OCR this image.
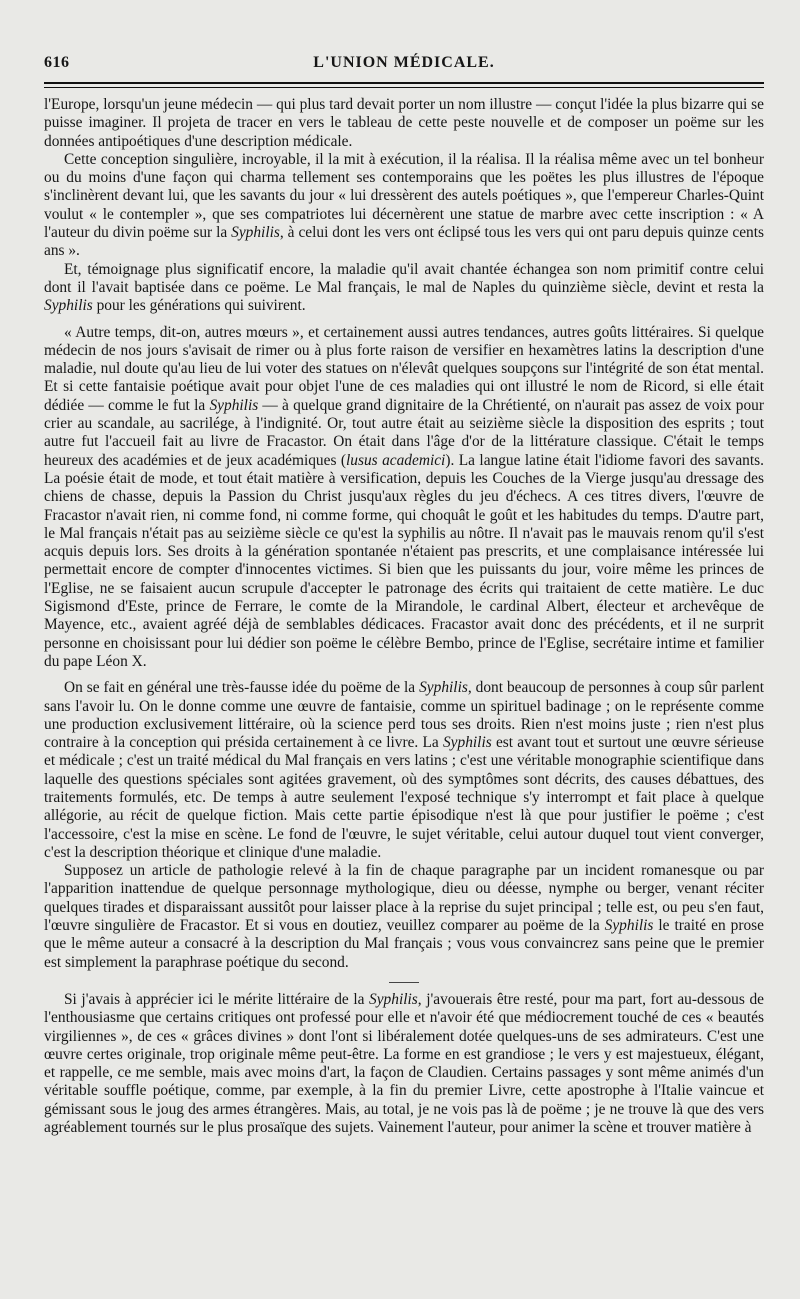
616	L'UNION MÉDICALE.

l'Europe, lorsqu'un jeune médecin — qui plus tard devait porter un nom illustre — conçut l'idée la plus bizarre qui se puisse imaginer. Il projeta de tracer en vers le tableau de cette peste nouvelle et de composer un poëme sur les données antipoétiques d'une description médicale.

Cette conception singulière, incroyable, il la mit à exécution, il la réalisa. Il la réalisa même avec un tel bonheur ou du moins d'une façon qui charma tellement ses contemporains que les poëtes les plus illustres de l'époque s'inclinèrent devant lui, que les savants du jour « lui dressèrent des autels poétiques », que l'empereur Charles-Quint voulut « le contempler », que ses compatriotes lui décernèrent une statue de marbre avec cette inscription : « A l'auteur du divin poëme sur la Syphilis, à celui dont les vers ont éclipsé tous les vers qui ont paru depuis quinze cents ans ».

Et, témoignage plus significatif encore, la maladie qu'il avait chantée échangea son nom primitif contre celui dont il l'avait baptisée dans ce poëme. Le Mal français, le mal de Naples du quinzième siècle, devint et resta la Syphilis pour les générations qui suivirent.

« Autre temps, dit-on, autres mœurs », et certainement aussi autres tendances, autres goûts littéraires. Si quelque médecin de nos jours s'avisait de rimer ou à plus forte raison de versifier en hexamètres latins la description d'une maladie, nul doute qu'au lieu de lui voter des statues on n'élevât quelques soupçons sur l'intégrité de son état mental. Et si cette fantaisie poétique avait pour objet l'une de ces maladies qui ont illustré le nom de Ricord, si elle était dédiée — comme le fut la Syphilis — à quelque grand dignitaire de la Chrétienté, on n'aurait pas assez de voix pour crier au scandale, au sacrilége, à l'indignité. Or, tout autre était au seizième siècle la disposition des esprits ; tout autre fut l'accueil fait au livre de Fracastor. On était dans l'âge d'or de la littérature classique. C'était le temps heureux des académies et de jeux académiques (lusus academici). La langue latine était l'idiome favori des savants. La poésie était de mode, et tout était matière à versification, depuis les Couches de la Vierge jusqu'au dressage des chiens de chasse, depuis la Passion du Christ jusqu'aux règles du jeu d'échecs. A ces titres divers, l'œuvre de Fracastor n'avait rien, ni comme fond, ni comme forme, qui choquât le goût et les habitudes du temps. D'autre part, le Mal français n'était pas au seizième siècle ce qu'est la syphilis au nôtre. Il n'avait pas le mauvais renom qu'il s'est acquis depuis lors. Ses droits à la génération spontanée n'étaient pas prescrits, et une complaisance intéressée lui permettait encore de compter d'innocentes victimes. Si bien que les puissants du jour, voire même les princes de l'Eglise, ne se faisaient aucun scrupule d'accepter le patronage des écrits qui traitaient de cette matière. Le duc Sigismond d'Este, prince de Ferrare, le comte de la Mirandole, le cardinal Albert, électeur et archevêque de Mayence, etc., avaient agréé déjà de semblables dédicaces. Fracastor avait donc des précédents, et il ne surprit personne en choisissant pour lui dédier son poëme le célèbre Bembo, prince de l'Eglise, secrétaire intime et familier du pape Léon X.

On se fait en général une très-fausse idée du poëme de la Syphilis, dont beaucoup de personnes à coup sûr parlent sans l'avoir lu. On le donne comme une œuvre de fantaisie, comme un spirituel badinage ; on le représente comme une production exclusivement littéraire, où la science perd tous ses droits. Rien n'est moins juste ; rien n'est plus contraire à la conception qui présida certainement à ce livre. La Syphilis est avant tout et surtout une œuvre sérieuse et médicale ; c'est un traité médical du Mal français en vers latins ; c'est une véritable monographie scientifique dans laquelle des questions spéciales sont agitées gravement, où des symptômes sont décrits, des causes débattues, des traitements formulés, etc. De temps à autre seulement l'exposé technique s'y interrompt et fait place à quelque allégorie, au récit de quelque fiction. Mais cette partie épisodique n'est là que pour justifier le poëme ; c'est l'accessoire, c'est la mise en scène. Le fond de l'œuvre, le sujet véritable, celui autour duquel tout vient converger, c'est la description théorique et clinique d'une maladie.

Supposez un article de pathologie relevé à la fin de chaque paragraphe par un incident romanesque ou par l'apparition inattendue de quelque personnage mythologique, dieu ou déesse, nymphe ou berger, venant réciter quelques tirades et disparaissant aussitôt pour laisser place à la reprise du sujet principal ; telle est, ou peu s'en faut, l'œuvre singulière de Fracastor. Et si vous en doutiez, veuillez comparer au poëme de la Syphilis le traité en prose que le même auteur a consacré à la description du Mal français ; vous vous convaincrez sans peine que le premier est simplement la paraphrase poétique du second.

Si j'avais à apprécier ici le mérite littéraire de la Syphilis, j'avouerais être resté, pour ma part, fort au-dessous de l'enthousiasme que certains critiques ont professé pour elle et n'avoir été que médiocrement touché de ces « beautés virgiliennes », de ces « grâces divines » dont l'ont si libéralement dotée quelques-uns de ses admirateurs. C'est une œuvre certes originale, trop originale même peut-être. La forme en est grandiose ; le vers y est majestueux, élégant, et rappelle, ce me semble, mais avec moins d'art, la façon de Claudien. Certains passages y sont même animés d'un véritable souffle poétique, comme, par exemple, à la fin du premier Livre, cette apostrophe à l'Italie vaincue et gémissant sous le joug des armes étrangères. Mais, au total, je ne vois pas là de poëme ; je ne trouve là que des vers agréablement tournés sur le plus prosaïque des sujets. Vainement l'auteur, pour animer la scène et trouver matière à
